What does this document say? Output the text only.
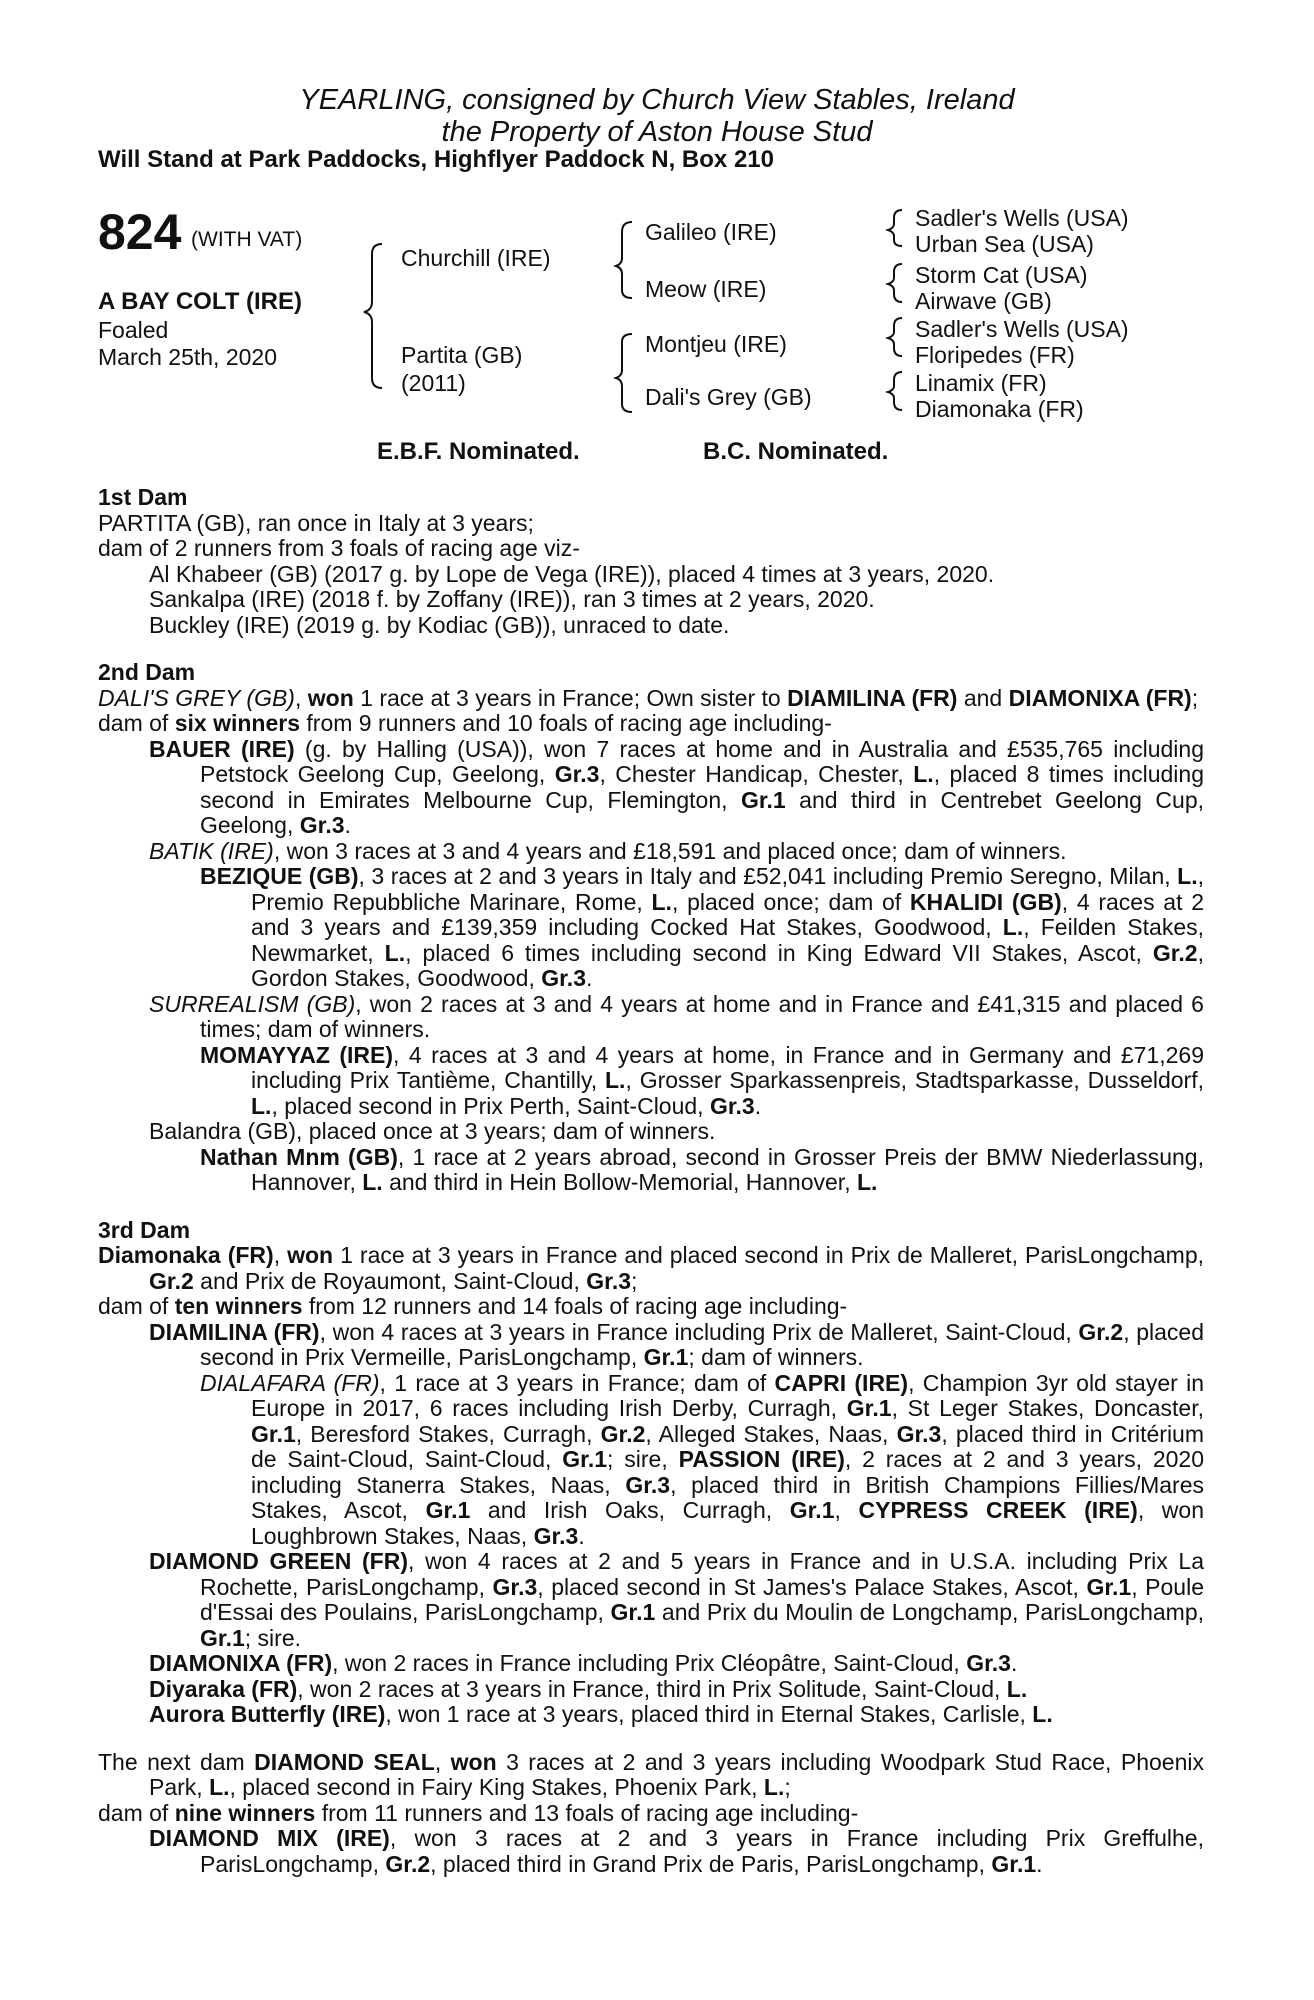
YEARLING, consigned by Church View Stables, Ireland
the Property of Aston House Stud
Will Stand at Park Paddocks, Highflyer Paddock N, Box 210
824 (WITH VAT)
A BAY COLT (IRE)
Foaled
March 25th, 2020
Churchill (IRE)
Partita (GB)
(2011)
Galileo (IRE)
Meow (IRE)
Montjeu (IRE)
Dali's Grey (GB)
Sadler's Wells (USA)
Urban Sea (USA)
Storm Cat (USA)
Airwave (GB)
Sadler's Wells (USA)
Floripedes (FR)
Linamix (FR)
Diamonaka (FR)
E.B.F. Nominated.	B.C. Nominated.

1st Dam

PARTITA (GB), ran once in Italy at 3 years;

dam of 2 runners from 3 foals of racing age viz-

Al Khabeer (GB) (2017 g. by Lope de Vega (IRE)), placed 4 times at 3 years, 2020.

Sankalpa (IRE) (2018 f. by Zoffany (IRE)), ran 3 times at 2 years, 2020.

Buckley (IRE) (2019 g. by Kodiac (GB)), unraced to date.

2nd Dam

DALI'S GREY (GB), won 1 race at 3 years in France; Own sister to DIAMILINA (FR) and DIAMONIXA (FR);

dam of six winners from 9 runners and 10 foals of racing age including-

BAUER (IRE) (g. by Halling (USA)), won 7 races at home and in Australia and £535,765 including Petstock Geelong Cup, Geelong, Gr.3, Chester Handicap, Chester, L., placed 8 times including second in Emirates Melbourne Cup, Flemington, Gr.1 and third in Centrebet Geelong Cup, Geelong, Gr.3.

BATIK (IRE), won 3 races at 3 and 4 years and £18,591 and placed once; dam of winners.

BEZIQUE (GB), 3 races at 2 and 3 years in Italy and £52,041 including Premio Seregno, Milan, L., Premio Repubbliche Marinare, Rome, L., placed once; dam of KHALIDI (GB), 4 races at 2 and 3 years and £139,359 including Cocked Hat Stakes, Goodwood, L., Feilden Stakes, Newmarket, L., placed 6 times including second in King Edward VII Stakes, Ascot, Gr.2, Gordon Stakes, Goodwood, Gr.3.

SURREALISM (GB), won 2 races at 3 and 4 years at home and in France and £41,315 and placed 6 times; dam of winners.

MOMAYYAZ (IRE), 4 races at 3 and 4 years at home, in France and in Germany and £71,269 including Prix Tantième, Chantilly, L., Grosser Sparkassenpreis, Stadtsparkasse, Dusseldorf, L., placed second in Prix Perth, Saint-Cloud, Gr.3.

Balandra (GB), placed once at 3 years; dam of winners.

Nathan Mnm (GB), 1 race at 2 years abroad, second in Grosser Preis der BMW Niederlassung, Hannover, L. and third in Hein Bollow-Memorial, Hannover, L.

3rd Dam

Diamonaka (FR), won 1 race at 3 years in France and placed second in Prix de Malleret, ParisLongchamp, Gr.2 and Prix de Royaumont, Saint-Cloud, Gr.3;

dam of ten winners from 12 runners and 14 foals of racing age including-

DIAMILINA (FR), won 4 races at 3 years in France including Prix de Malleret, Saint-Cloud, Gr.2, placed second in Prix Vermeille, ParisLongchamp, Gr.1; dam of winners.

DIALAFARA (FR), 1 race at 3 years in France; dam of CAPRI (IRE), Champion 3yr old stayer in Europe in 2017, 6 races including Irish Derby, Curragh, Gr.1, St Leger Stakes, Doncaster, Gr.1, Beresford Stakes, Curragh, Gr.2, Alleged Stakes, Naas, Gr.3, placed third in Critérium de Saint-Cloud, Saint-Cloud, Gr.1; sire, PASSION (IRE), 2 races at 2 and 3 years, 2020 including Stanerra Stakes, Naas, Gr.3, placed third in British Champions Fillies/Mares Stakes, Ascot, Gr.1 and Irish Oaks, Curragh, Gr.1, CYPRESS CREEK (IRE), won Loughbrown Stakes, Naas, Gr.3.

DIAMOND GREEN (FR), won 4 races at 2 and 5 years in France and in U.S.A. including Prix La Rochette, ParisLongchamp, Gr.3, placed second in St James's Palace Stakes, Ascot, Gr.1, Poule d'Essai des Poulains, ParisLongchamp, Gr.1 and Prix du Moulin de Longchamp, ParisLongchamp, Gr.1; sire.

DIAMONIXA (FR), won 2 races in France including Prix Cléopâtre, Saint-Cloud, Gr.3.

Diyaraka (FR), won 2 races at 3 years in France, third in Prix Solitude, Saint-Cloud, L.

Aurora Butterfly (IRE), won 1 race at 3 years, placed third in Eternal Stakes, Carlisle, L.

The next dam DIAMOND SEAL, won 3 races at 2 and 3 years including Woodpark Stud Race, Phoenix Park, L., placed second in Fairy King Stakes, Phoenix Park, L.;

dam of nine winners from 11 runners and 13 foals of racing age including-

DIAMOND MIX (IRE), won 3 races at 2 and 3 years in France including Prix Greffulhe, ParisLongchamp, Gr.2, placed third in Grand Prix de Paris, ParisLongchamp, Gr.1.
